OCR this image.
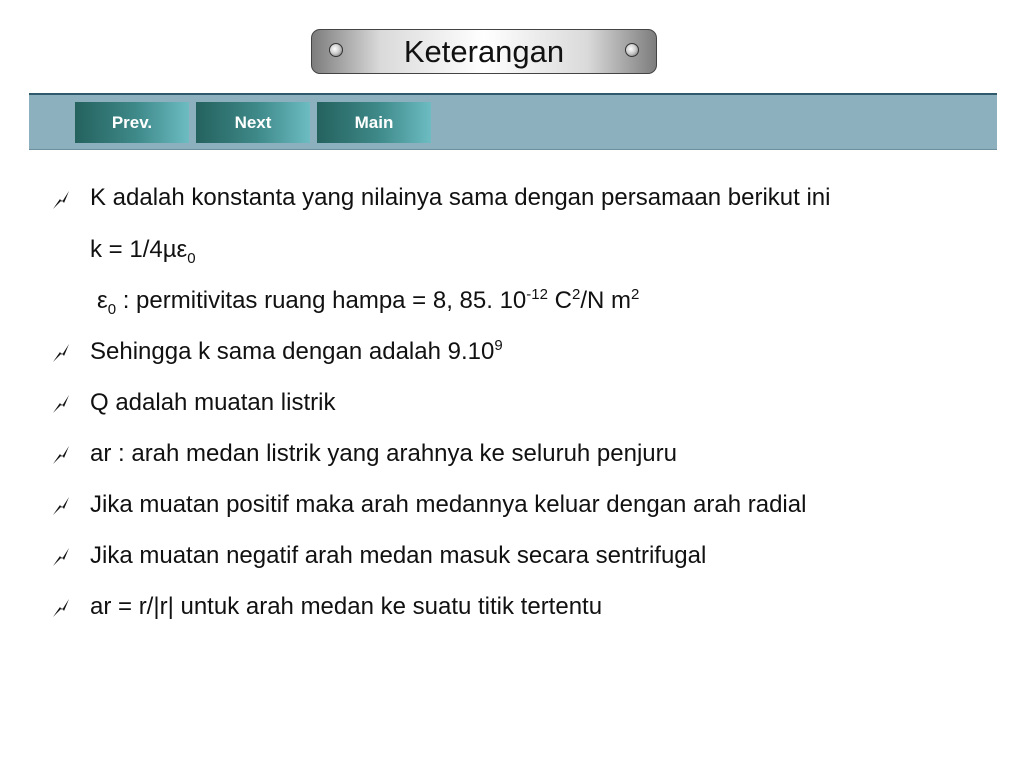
Keterangan
Prev.	Next	Main
K adalah konstanta yang nilainya sama dengan persamaan berikut ini
k = 1/4µε$_0$
$\varepsilon_0$ : permitivitas ruang hampa = 8, 85. $10^{-12}$ $C^2/N$ $m^2$
Sehingga k sama dengan adalah 9.10$^9$
Q adalah muatan listrik
ar : arah medan listrik yang arahnya ke seluruh penjuru
Jika muatan positif maka arah medannya keluar dengan arah radial
Jika muatan negatif arah medan masuk secara sentrifugal
ar = r/|r| untuk arah medan ke suatu titik tertentu
